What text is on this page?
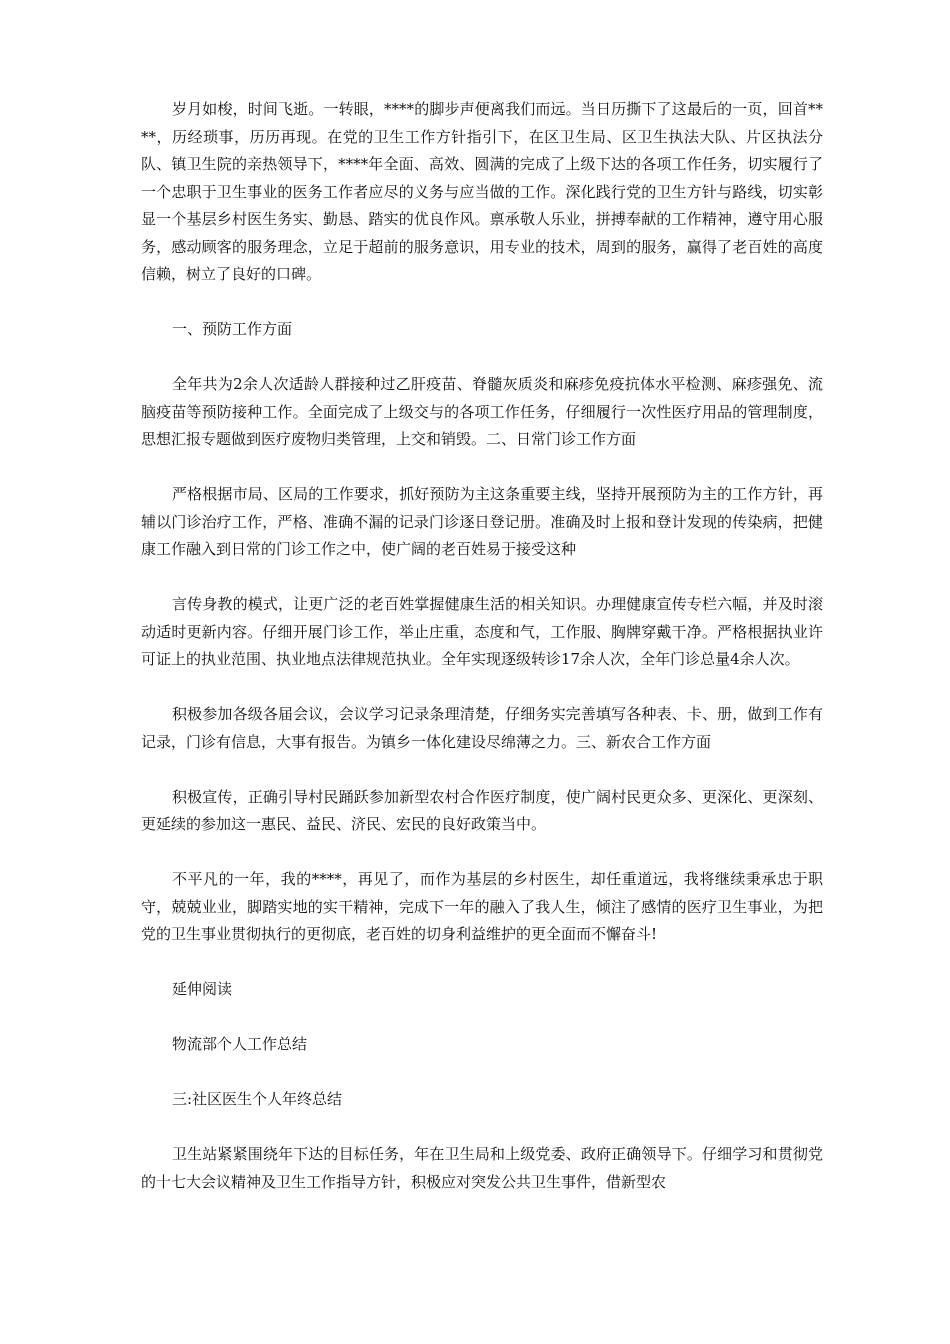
岁月如梭，时间飞逝。一转眼，****的脚步声便离我们而远。当日历撕下了这最后的一页，回首****，历经琐事，历历再现。在党的卫生工作方针指引下，在区卫生局、区卫生执法大队、片区执法分队、镇卫生院的亲热领导下，****年全面、高效、圆满的完成了上级下达的各项工作任务，切实履行了一个忠职于卫生事业的医务工作者应尽的义务与应当做的工作。深化践行党的卫生方针与路线，切实彰显一个基层乡村医生务实、勤恳、踏实的优良作风。禀承敬人乐业，拼搏奉献的工作精神，遵守用心服务，感动顾客的服务理念，立足于超前的服务意识，用专业的技术，周到的服务，赢得了老百姓的高度信赖，树立了良好的口碑。

一、预防工作方面

全年共为2余人次适龄人群接种过乙肝疫苗、脊髓灰质炎和麻疹免疫抗体水平检测、麻疹强免、流脑疫苗等预防接种工作。全面完成了上级交与的各项工作任务，仔细履行一次性医疗用品的管理制度，思想汇报专题做到医疗废物归类管理，上交和销毁。二、日常门诊工作方面

严格根据市局、区局的工作要求，抓好预防为主这条重要主线，坚持开展预防为主的工作方针，再辅以门诊治疗工作，严格、准确不漏的记录门诊逐日登记册。准确及时上报和登计发现的传染病，把健康工作融入到日常的门诊工作之中，使广阔的老百姓易于接受这种

言传身教的模式，让更广泛的老百姓掌握健康生活的相关知识。办理健康宣传专栏六幅，并及时滚动适时更新内容。仔细开展门诊工作，举止庄重，态度和气，工作服、胸牌穿戴干净。严格根据执业许可证上的执业范围、执业地点法律规范执业。全年实现逐级转诊17余人次，全年门诊总量4余人次。

积极参加各级各届会议，会议学习记录条理清楚，仔细务实完善填写各种表、卡、册，做到工作有记录，门诊有信息，大事有报告。为镇乡一体化建设尽绵薄之力。三、新农合工作方面

积极宣传，正确引导村民踊跃参加新型农村合作医疗制度，使广阔村民更众多、更深化、更深刻、更延续的参加这一惠民、益民、济民、宏民的良好政策当中。

不平凡的一年，我的****，再见了，而作为基层的乡村医生，却任重道远，我将继续秉承忠于职守，兢兢业业，脚踏实地的实干精神，完成下一年的融入了我人生，倾注了感情的医疗卫生事业，为把党的卫生事业贯彻执行的更彻底，老百姓的切身利益维护的更全面而不懈奋斗!

延伸阅读

物流部个人工作总结

三:社区医生个人年终总结

卫生站紧紧围绕年下达的目标任务，年在卫生局和上级党委、政府正确领导下。仔细学习和贯彻党的十七大会议精神及卫生工作指导方针，积极应对突发公共卫生事件，借新型农
